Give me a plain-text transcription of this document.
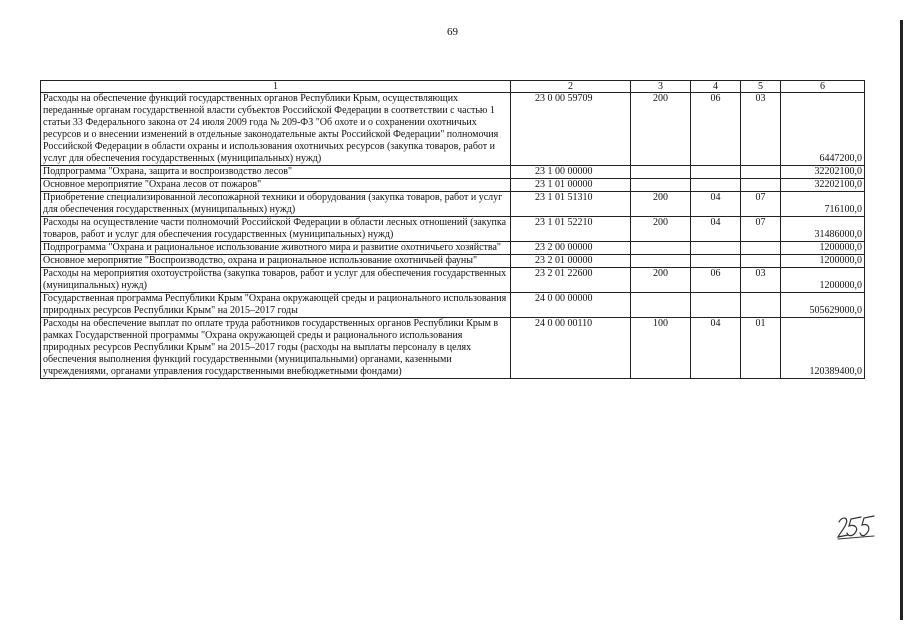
69
1	2	3	4	5	6
Расходы на обеспечение функций государственных органов Республики Крым, осуществляющих переданные органам государственной власти субъектов Российской Федерации в соответствии с частью 1 статьи 33 Федерального закона от 24 июля 2009 года № 209-ФЗ "Об охоте и о сохранении охотничьих ресурсов и о внесении изменений в отдельные законодательные акты Российской Федерации" полномочия Российской Федерации в области охраны и использования охотничьих ресурсов (закупка товаров, работ и услуг для обеспечения государственных (муниципальных) нужд)	23 0 00 59709	200	06	03	6447200,0
Подпрограмма "Охрана, защита и воспроизводство лесов"	23 1 00 00000				32202100,0
Основное мероприятие "Охрана лесов от пожаров"	23 1 01 00000				32202100,0
Приобретение специализированной лесопожарной техники и оборудования (закупка товаров, работ и услуг для обеспечения государственных (муниципальных) нужд)	23 1 01 51310	200	04	07	716100,0
Расходы на осуществление части полномочий Российской Федерации в области лесных отношений (закупка товаров, работ и услуг для обеспечения государственных (муниципальных) нужд)	23 1 01 52210	200	04	07	31486000,0
Подпрограмма "Охрана и рациональное использование животного мира и развитие охотничьего хозяйства"	23 2 00 00000				1200000,0
Основное мероприятие "Воспроизводство, охрана и рациональное использование охотничьей фауны"	23 2 01 00000				1200000,0
Расходы на мероприятия охотоустройства (закупка товаров, работ и услуг для обеспечения государственных (муниципальных) нужд)	23 2 01 22600	200	06	03	1200000,0
Государственная программа Республики Крым "Охрана окружающей среды и рационального использования природных ресурсов Республики Крым" на 2015–2017 годы	24 0 00 00000				505629000,0
Расходы на обеспечение выплат по оплате труда работников государственных органов Республики Крым в рамках Государственной программы "Охрана окружающей среды и рационального использования природных ресурсов Республики Крым" на 2015–2017 годы (расходы на выплаты персоналу в целях обеспечения выполнения функций государственными (муниципальными) органами, казенными учреждениями, органами управления государственными внебюджетными фондами)	24 0 00 00110	100	04	01	120389400,0
